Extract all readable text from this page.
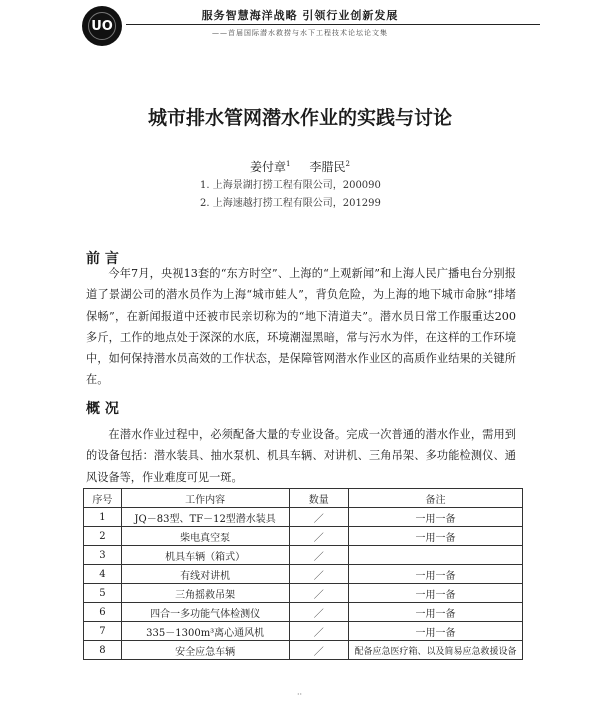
UO
服务智慧海洋战略 引领行业创新发展
——首届国际潜水救捞与水下工程技术论坛论文集
城市排水管网潜水作业的实践与讨论
姜付章$^1$ 李腊民$^2$
1. 上海景湖打捞工程有限公司，200090
2. 上海速越打捞工程有限公司，201299
前 言
今年7月，央视13套的“东方时空”、上海的“上观新闻”和上海人民广播电台分别报道了景湖公司的潜水员作为上海“城市蛙人”，背负危险，为上海的地下城市命脉“排堵保畅”，在新闻报道中还被市民亲切称为的“地下清道夫”。潜水员日常工作服重达200多斤，工作的地点处于深深的水底，环境潮湿黑暗，常与污水为伴，在这样的工作环境中，如何保持潜水员高效的工作状态，是保障管网潜水作业区的高质作业结果的关键所在。
概 况
在潜水作业过程中，必须配备大量的专业设备。完成一次普通的潜水作业，需用到的设备包括：潜水装具、抽水泵机、机具车辆、对讲机、三角吊架、多功能检测仪、通风设备等，作业难度可见一斑。
序号	工作内容	数量	备注
1	JQ－83型、TF－12型潜水装具	／	一用一备
2	柴电真空泵	／	一用一备
3	机具车辆（箱式）	／	
4	有线对讲机	／	一用一备
5	三角摇救吊架	／	一用一备
6	四合一多功能气体检测仪	／	一用一备
7	335－1300m³离心通风机	／	一用一备
8	安全应急车辆	／	配备应急医疗箱、以及简易应急救援设备
··
